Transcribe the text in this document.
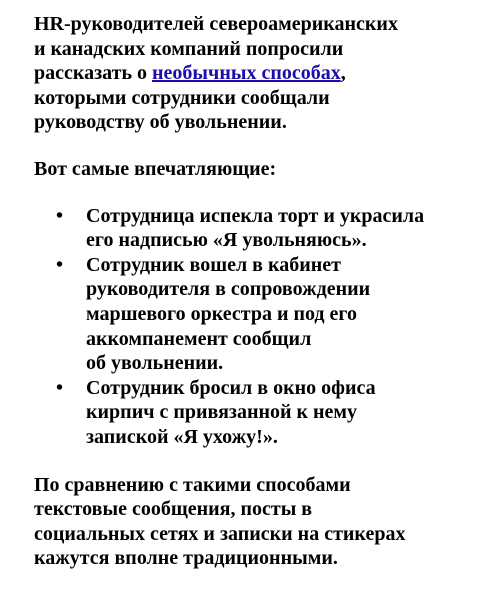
HR-руководителей североамериканских
и канадских компаний попросили
рассказать о необычных способах,
которыми сотрудники сообщали
руководству об увольнении.

Вот самые впечатляющие:

• Сотрудница испекла торт и украсила
его надписью «Я увольняюсь».
• Сотрудник вошел в кабинет
руководителя в сопровождении
маршевого оркестра и под его
аккомпанемент сообщил
об увольнении.
• Сотрудник бросил в окно офиса
кирпич с привязанной к нему
запиской «Я ухожу!».

По сравнению с такими способами
текстовые сообщения, посты в
социальных сетях и записки на стикерах
кажутся вполне традиционными.
